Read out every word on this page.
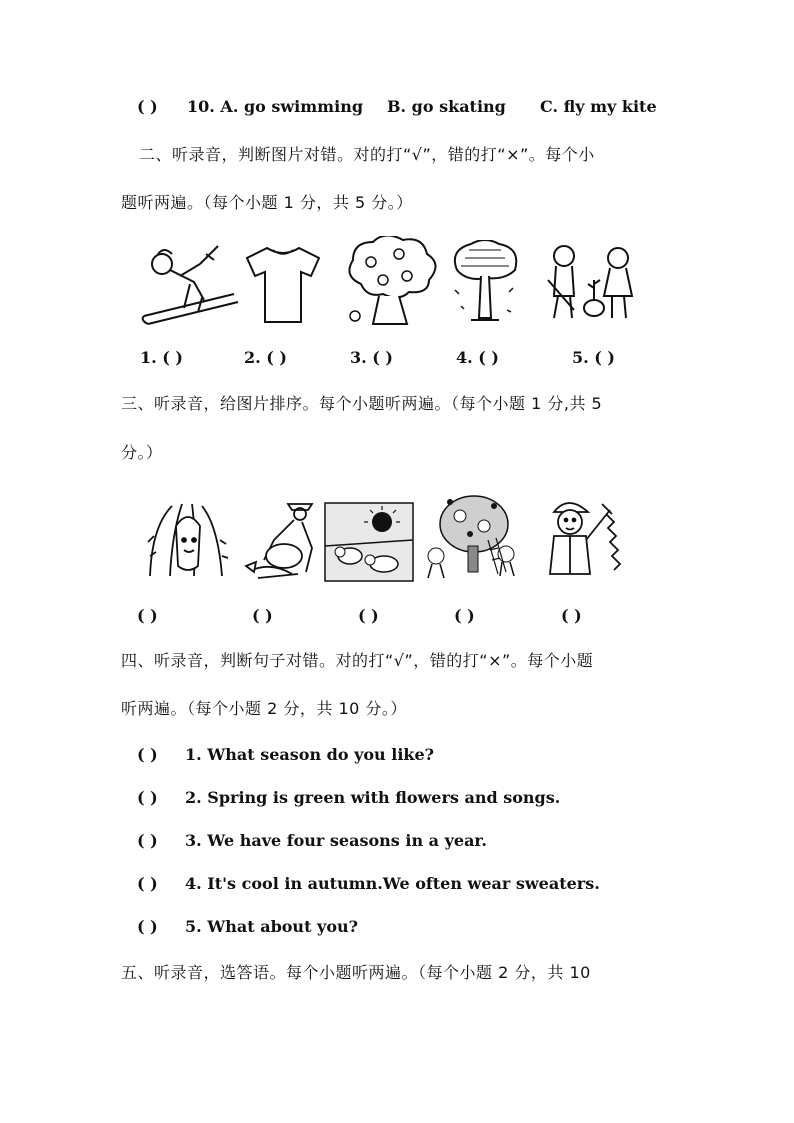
( ) 10. A. go swimming B. go skating C. fly my kite
二、听录音，判断图片对错。对的打“√”，错的打“×”。每个小
题听两遍。（每个小题 1 分，共 5 分。）
1. ( )	2. ( )	3. ( )	4. ( )	5. ( )
三、听录音，给图片排序。每个小题听两遍。（每个小题 1 分,共 5
分。）
( )	( )	( )	( )	( )
四、听录音，判断句子对错。对的打“√”，错的打“×”。每个小题
听两遍。（每个小题 2 分，共 10 分。）
( ) 1. What season do you like?
( ) 2. Spring is green with flowers and songs.
( ) 3. We have four seasons in a year.
( ) 4. It's cool in autumn.We often wear sweaters.
( ) 5. What about you?
五、听录音，选答语。每个小题听两遍。（每个小题 2 分，共 10
